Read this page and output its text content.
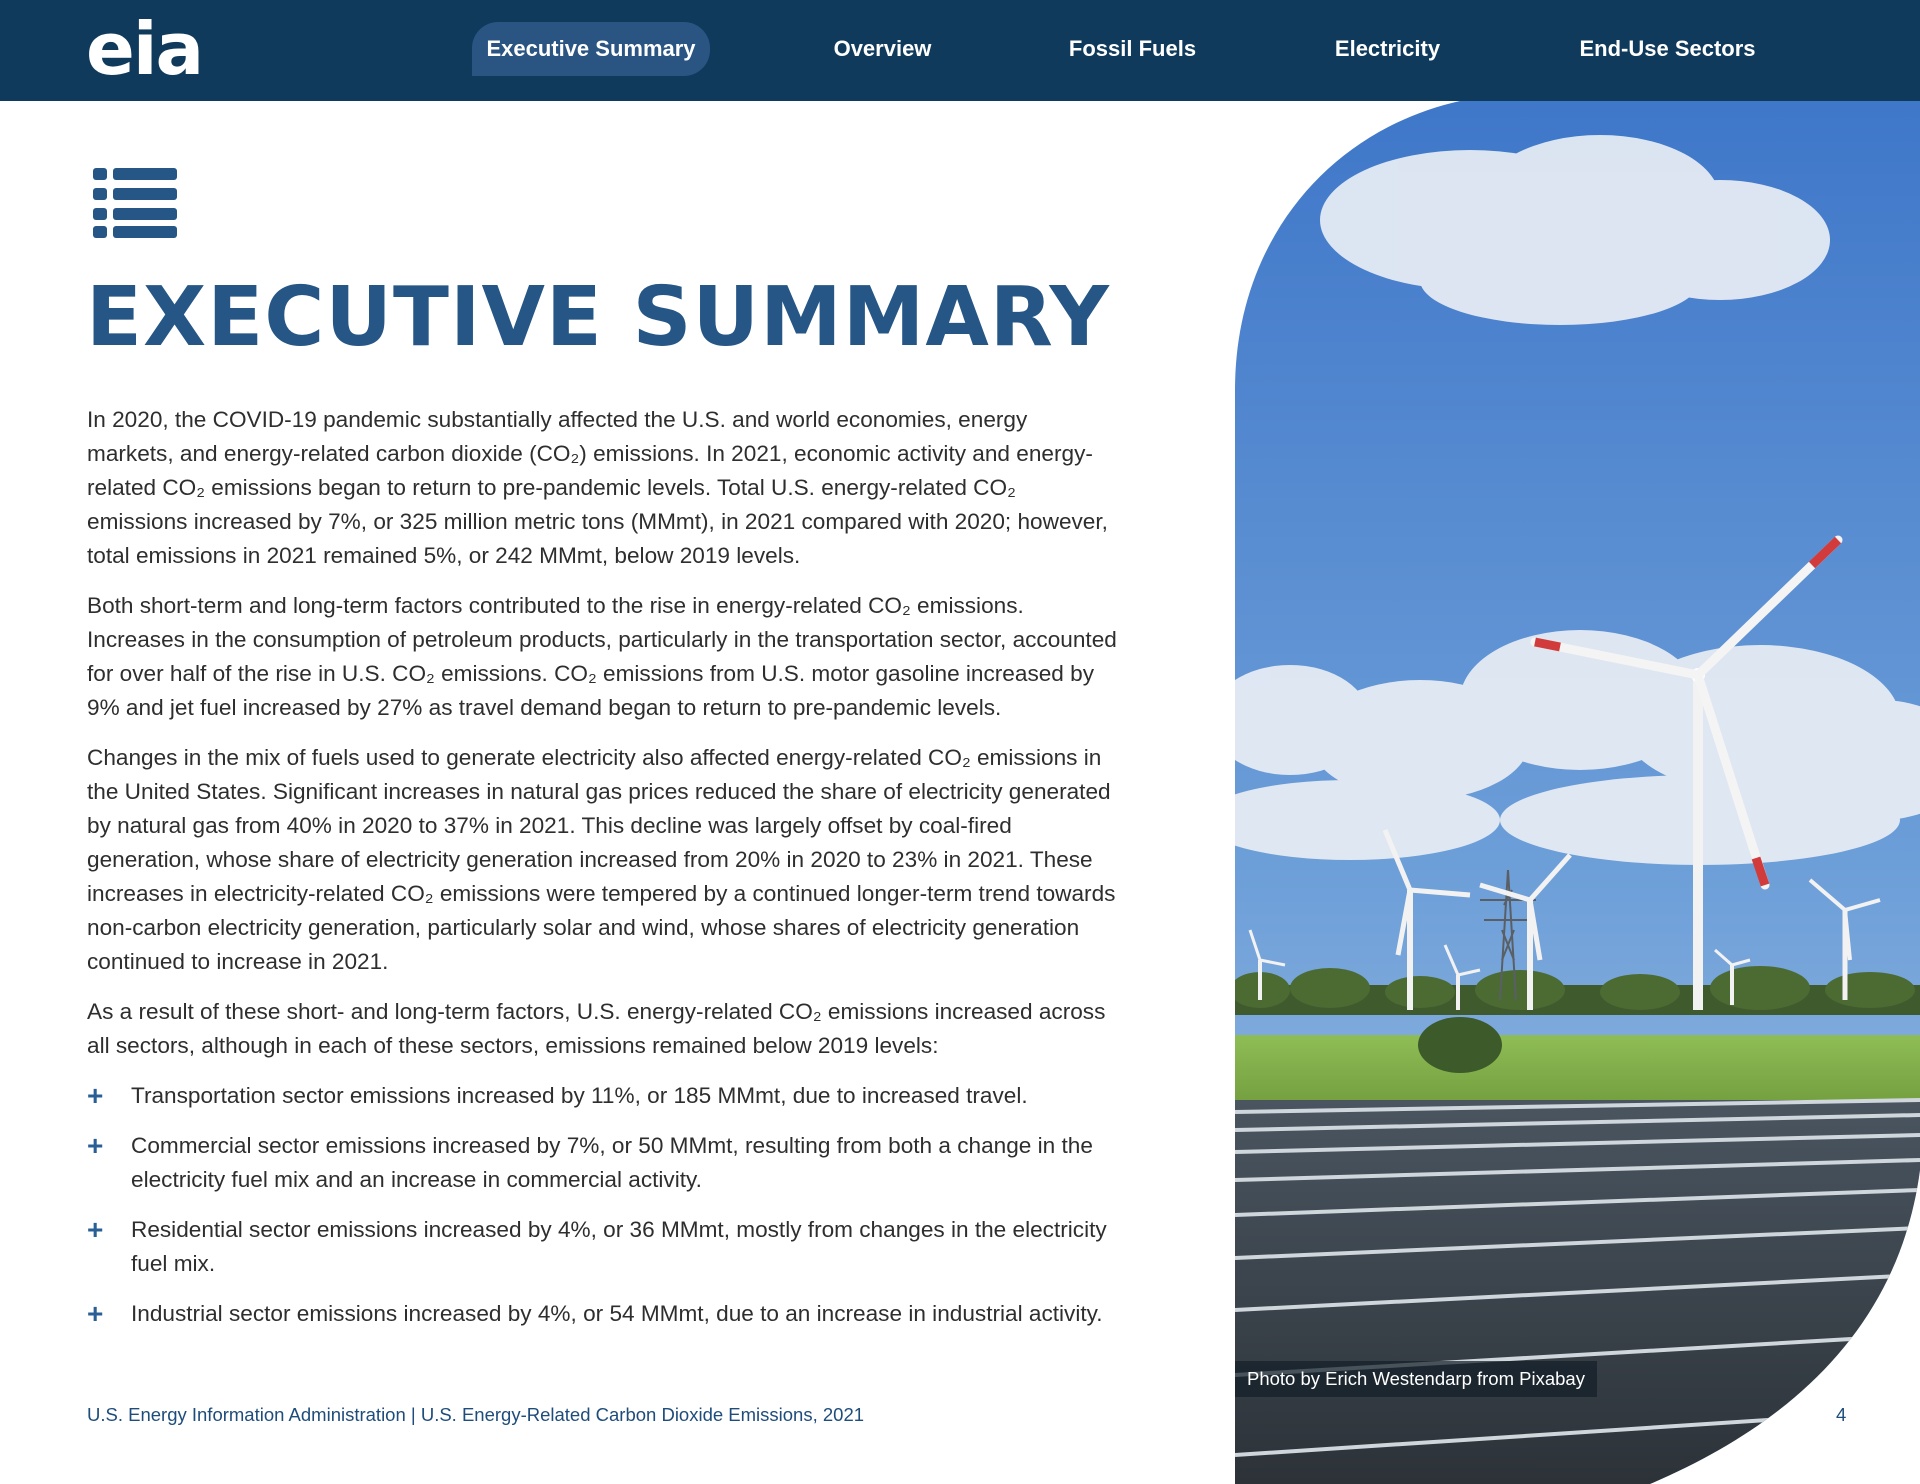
eia	Executive Summary	Overview	Fossil Fuels	Electricity	End-Use Sectors
EXECUTIVE SUMMARY

In 2020, the COVID-19 pandemic substantially affected the U.S. and world economies, energy markets, and energy-related carbon dioxide (CO₂) emissions. In 2021, economic activity and energy-related CO₂ emissions began to return to pre-pandemic levels. Total U.S. energy-related CO₂ emissions increased by 7%, or 325 million metric tons (MMmt), in 2021 compared with 2020; however, total emissions in 2021 remained 5%, or 242 MMmt, below 2019 levels.

Both short-term and long-term factors contributed to the rise in energy-related CO₂ emissions. Increases in the consumption of petroleum products, particularly in the transportation sector, accounted for over half of the rise in U.S. CO₂ emissions. CO₂ emissions from U.S. motor gasoline increased by 9% and jet fuel increased by 27% as travel demand began to return to pre-pandemic levels.

Changes in the mix of fuels used to generate electricity also affected energy-related CO₂ emissions in the United States. Significant increases in natural gas prices reduced the share of electricity generated by natural gas from 40% in 2020 to 37% in 2021. This decline was largely offset by coal-fired generation, whose share of electricity generation increased from 20% in 2020 to 23% in 2021. These increases in electricity-related CO₂ emissions were tempered by a continued longer-term trend towards non-carbon electricity generation, particularly solar and wind, whose shares of electricity generation continued to increase in 2021.

As a result of these short- and long-term factors, U.S. energy-related CO₂ emissions increased across all sectors, although in each of these sectors, emissions remained below 2019 levels:

+ Transportation sector emissions increased by 11%, or 185 MMmt, due to increased travel.
+ Commercial sector emissions increased by 7%, or 50 MMmt, resulting from both a change in the electricity fuel mix and an increase in commercial activity.
+ Residential sector emissions increased by 4%, or 36 MMmt, mostly from changes in the electricity fuel mix.
+ Industrial sector emissions increased by 4%, or 54 MMmt, due to an increase in industrial activity.
Photo by Erich Westendarp from Pixabay
U.S. Energy Information Administration | U.S. Energy-Related Carbon Dioxide Emissions, 2021	4
